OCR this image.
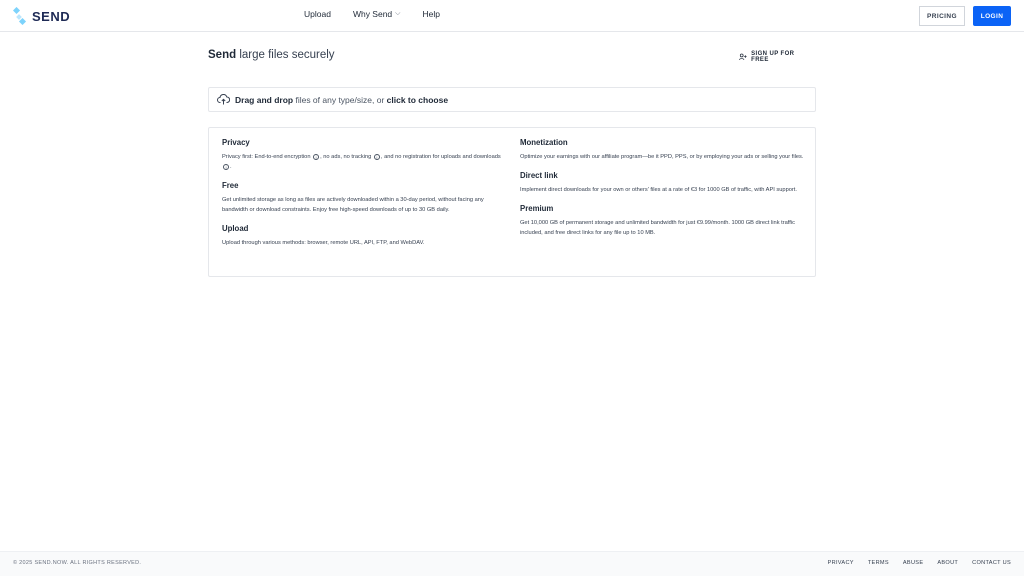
SEND	Upload	Why Send ⌵	Help	PRICING	LOGIN
Send large files securely	SIGN UP FOR FREE
Drag and drop files of any type/size, or click to choose
Privacy

Privacy first: End-to-end encryption i , no ads, no tracking i , and no registration for uploads and downloads i .

Free

Get unlimited storage as long as files are actively downloaded within a 30-day period, without facing any bandwidth or download constraints. Enjoy free high-speed downloads of up to 30 GB daily.

Upload

Upload through various methods: browser, remote URL, API, FTP, and WebDAV.

Monetization

Optimize your earnings with our affiliate program—be it PPD, PPS, or by employing your ads or selling your files.

Direct link

Implement direct downloads for your own or others' files at a rate of €3 for 1000 GB of traffic, with API support.

Premium

Get 10,000 GB of permanent storage and unlimited bandwidth for just €9.99/month. 1000 GB direct link traffic included, and free direct links for any file up to 10 MB.

© 2025 SEND.NOW. ALL RIGHTS RESERVED.	PRIVACY	TERMS	ABUSE	ABOUT	CONTACT US
